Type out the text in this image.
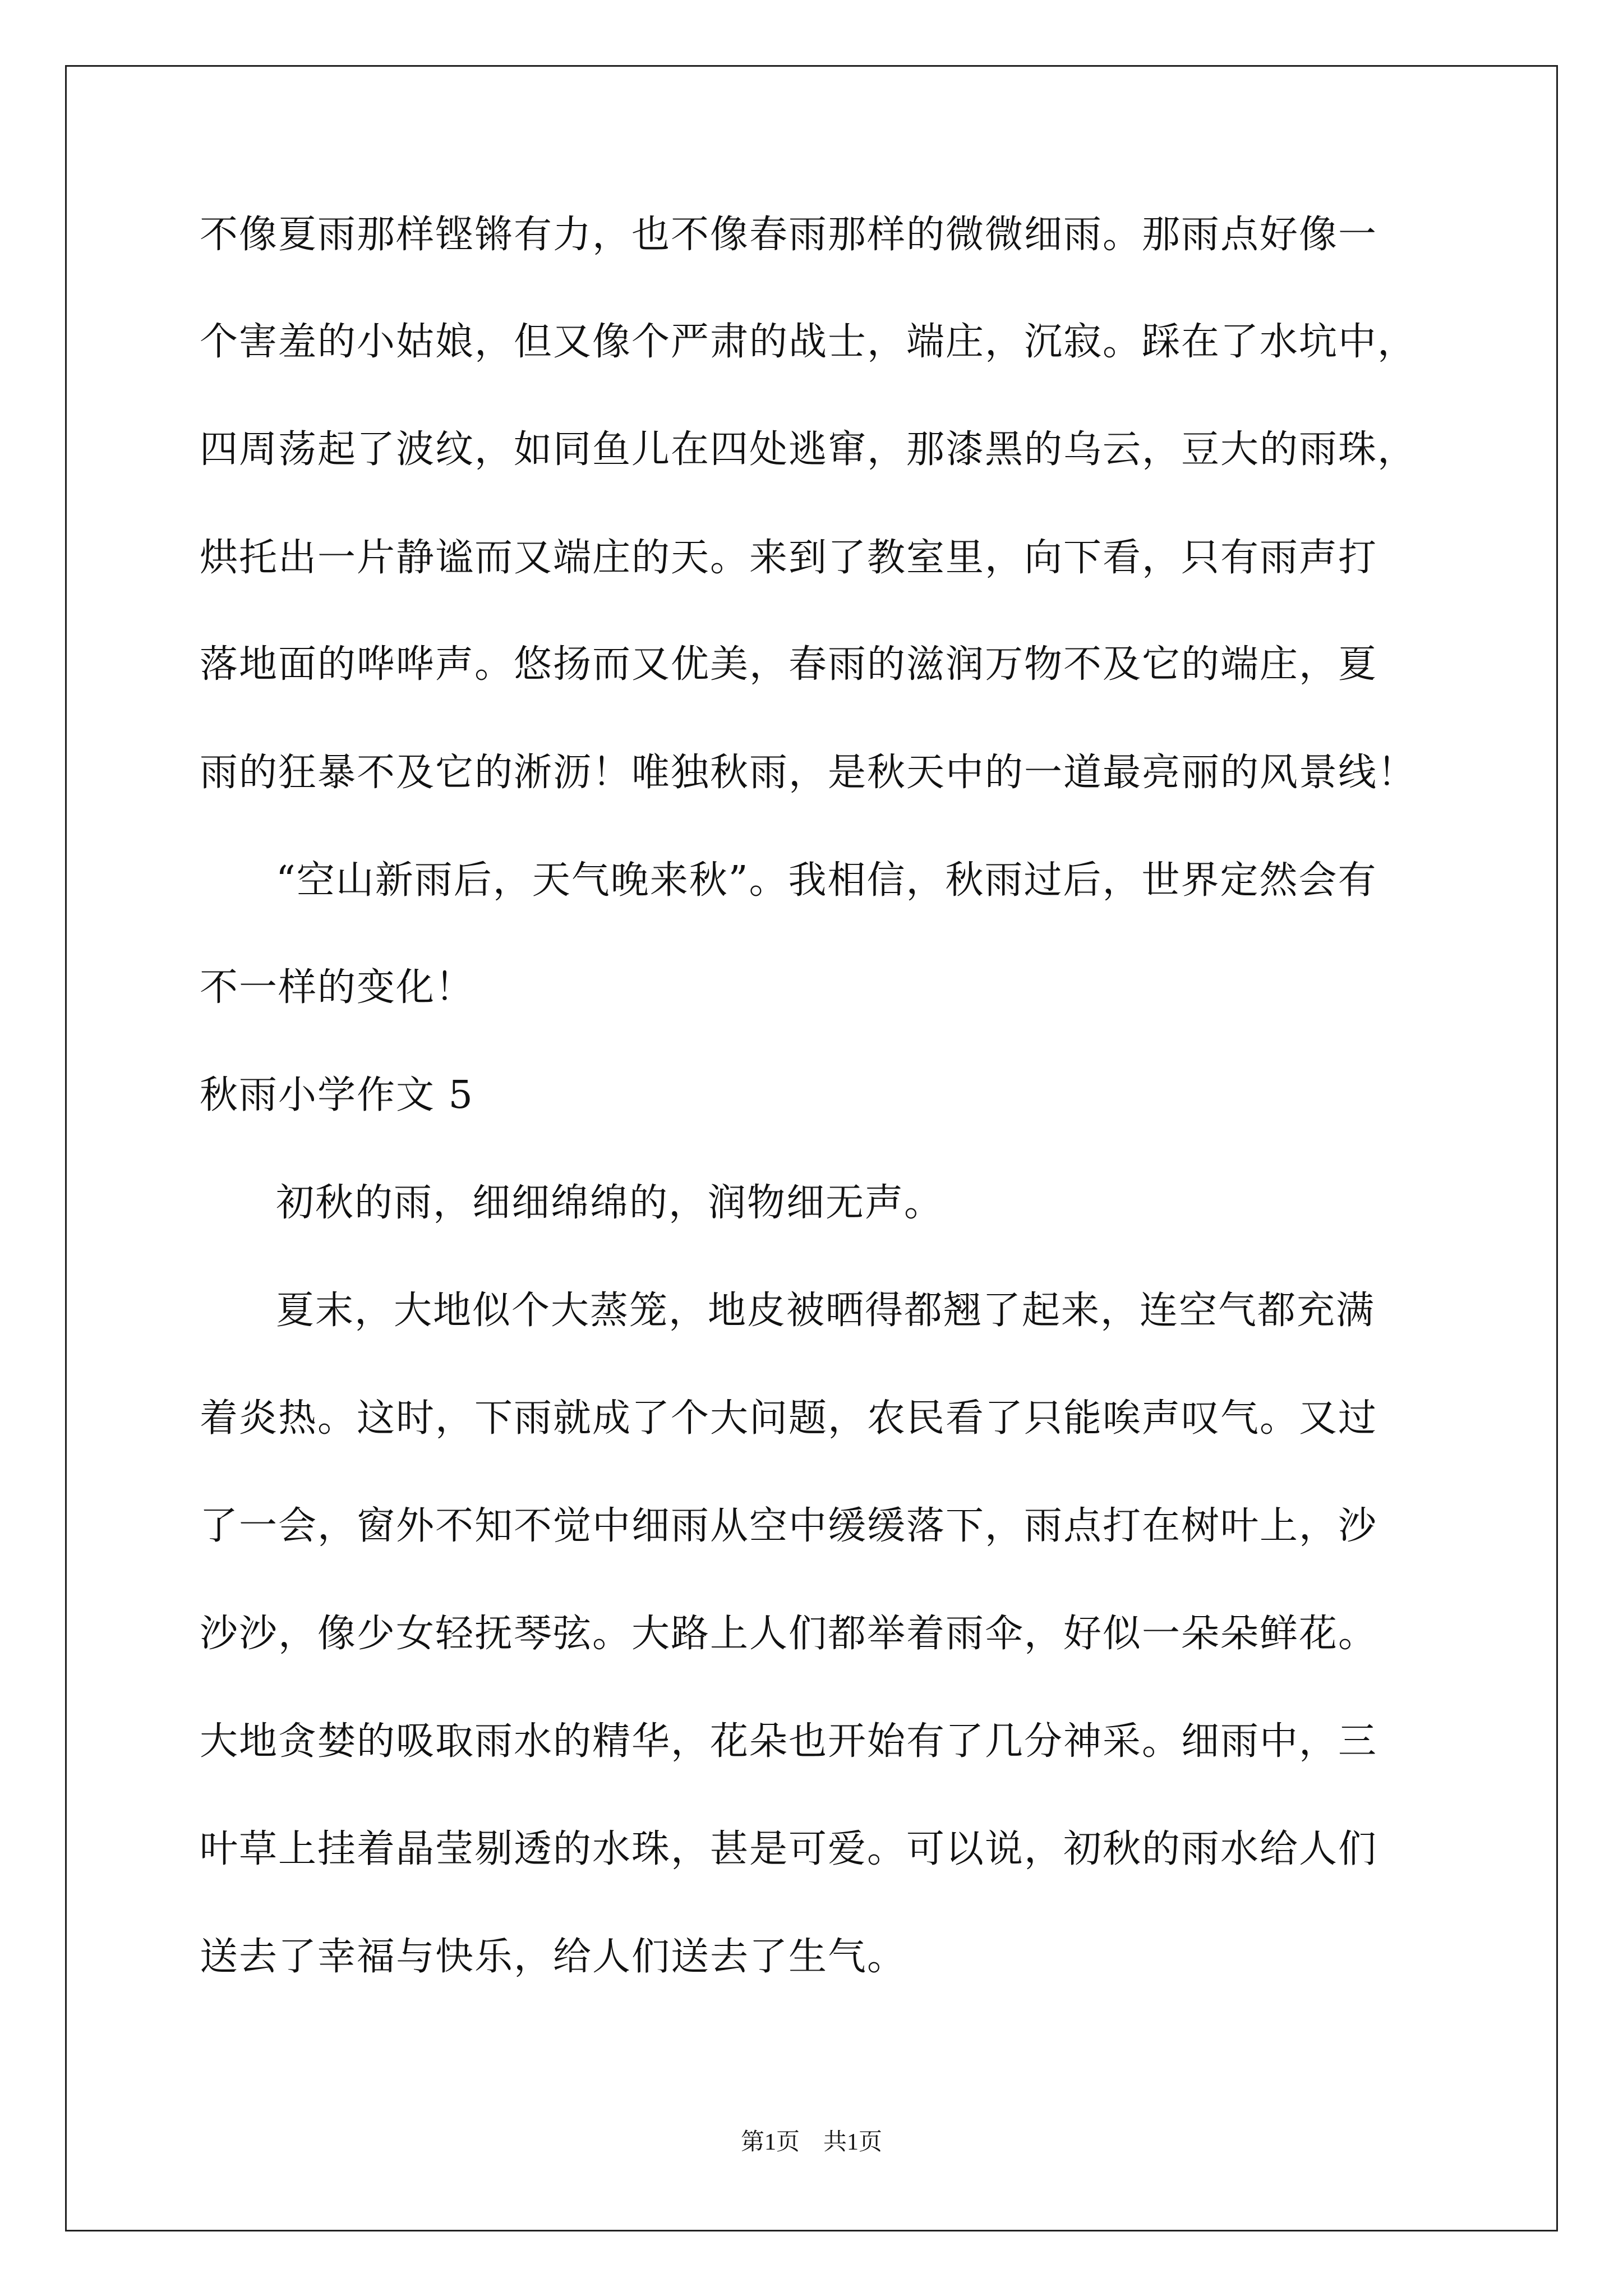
不像夏雨那样铿锵有力，也不像春雨那样的微微细雨。那雨点好像一
个害羞的小姑娘，但又像个严肃的战士，端庄，沉寂。踩在了水坑中，
四周荡起了波纹，如同鱼儿在四处逃窜，那漆黑的乌云，豆大的雨珠，
烘托出一片静谧而又端庄的天。来到了教室里，向下看，只有雨声打
落地面的哗哗声。悠扬而又优美，春雨的滋润万物不及它的端庄，夏
雨的狂暴不及它的淅沥！唯独秋雨，是秋天中的一道最亮丽的风景线！
“空山新雨后，天气晚来秋”。我相信，秋雨过后，世界定然会有
不一样的变化！
秋雨小学作文 5
初秋的雨，细细绵绵的，润物细无声。
夏末，大地似个大蒸笼，地皮被晒得都翘了起来，连空气都充满
着炎热。这时，下雨就成了个大问题，农民看了只能唉声叹气。又过
了一会，窗外不知不觉中细雨从空中缓缓落下，雨点打在树叶上，沙
沙沙，像少女轻抚琴弦。大路上人们都举着雨伞，好似一朵朵鲜花。
大地贪婪的吸取雨水的精华，花朵也开始有了几分神采。细雨中，三
叶草上挂着晶莹剔透的水珠，甚是可爱。可以说，初秋的雨水给人们
送去了幸福与快乐，给人们送去了生气。
第1页　共1页
